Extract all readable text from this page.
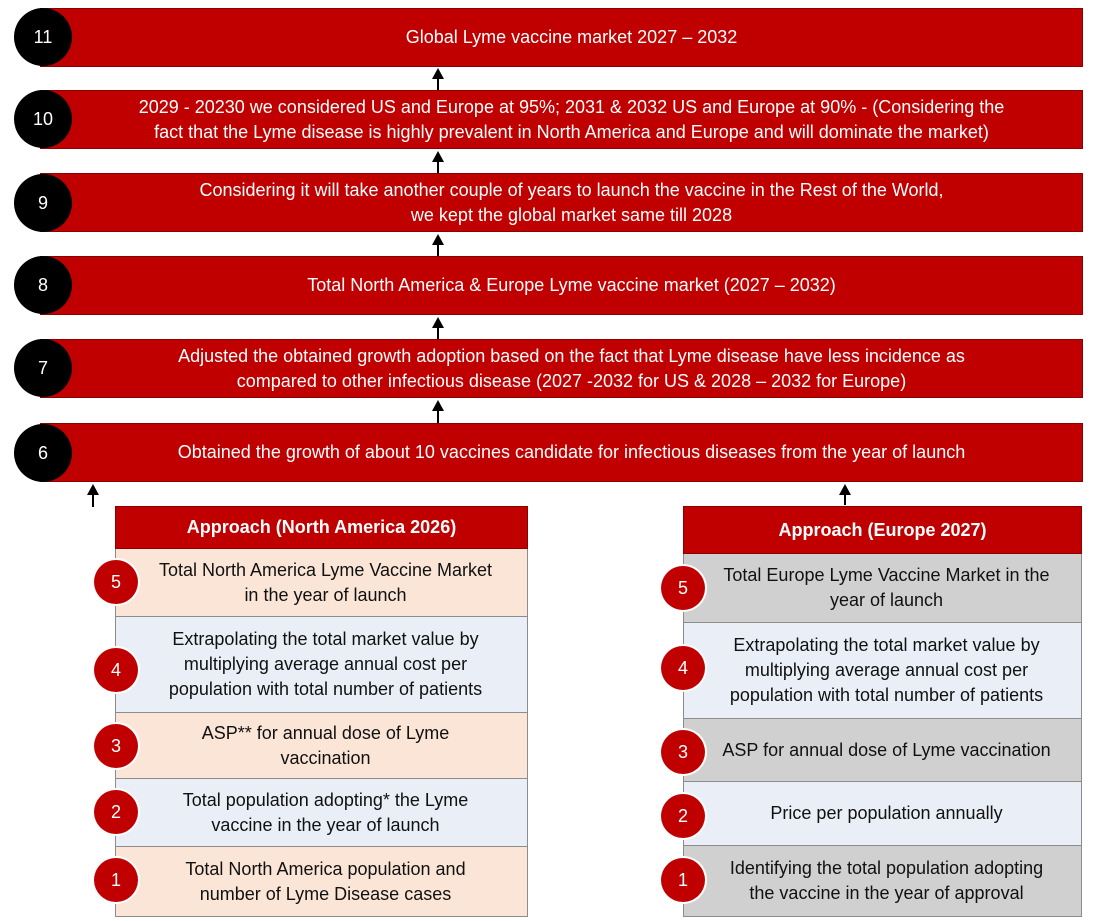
Global Lyme vaccine market 2027 – 2032
11
2029 - 20230 we considered US and Europe at 95%; 2031 & 2032 US and Europe at 90% - (Considering the
fact that the Lyme disease is highly prevalent in North America and Europe and will dominate the market)
10
Considering it will take another couple of years to launch the vaccine in the Rest of the World,
we kept the global market same till 2028
9
Total North America & Europe Lyme vaccine market (2027 – 2032)
8
Adjusted the obtained growth adoption based on the fact that Lyme disease have less incidence as
compared to other infectious disease (2027 -2032 for US & 2028 – 2032 for Europe)
7
Obtained the growth of about 10 vaccines candidate for infectious diseases from the year of launch
6
Approach (North America 2026)
Total North America Lyme Vaccine Market
in the year of launch
Extrapolating the total market value by
multiplying average annual cost per
population with total number of patients
ASP** for annual dose of Lyme
vaccination
Total population adopting* the Lyme
vaccine in the year of launch
Total North America population and
number of Lyme Disease cases
5
4
3
2
1
Approach (Europe 2027)
Total Europe Lyme Vaccine Market in the
year of launch
Extrapolating the total market value by
multiplying average annual cost per
population with total number of patients
ASP for annual dose of Lyme vaccination
Price per population annually
Identifying the total population adopting
the vaccine in the year of approval
5
4
3
2
1
